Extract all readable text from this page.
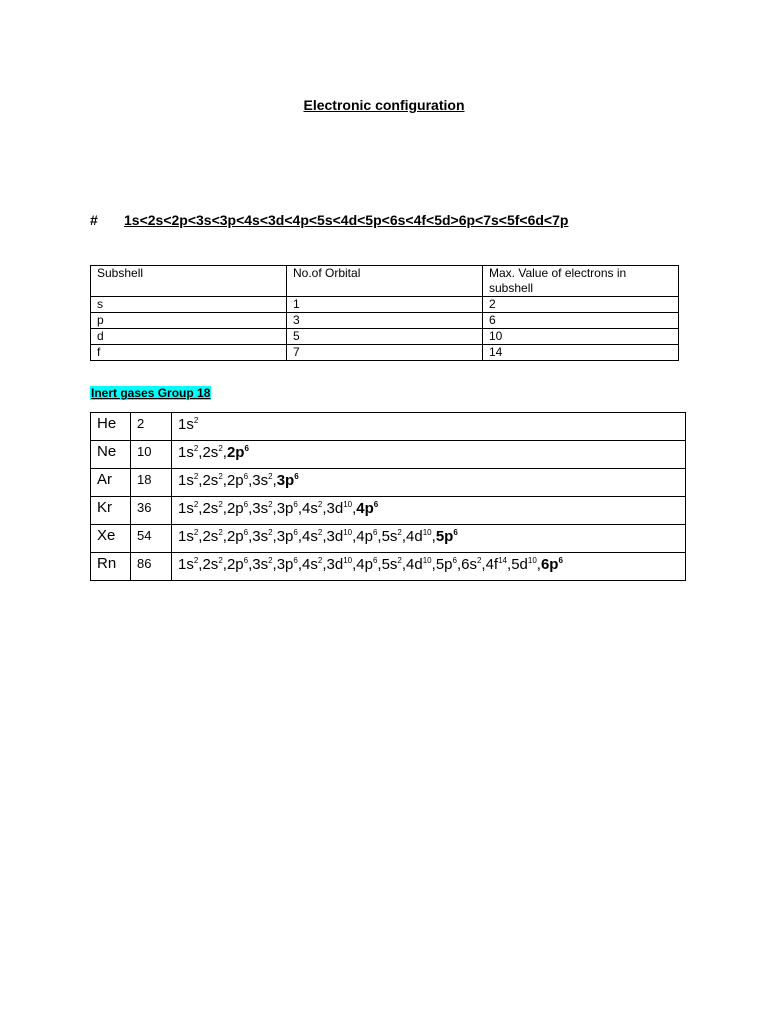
Electronic configuration
# 1s<2s<2p<3s<3p<4s<3d<4p<5s<4d<5p<6s<4f<5d>6p<7s<5f<6d<7p
Subshell	No.of Orbital	Max. Value of electrons in subshell
s	1	2
p	3	6
d	5	10
f	7	14
Inert gases Group 18
He	2	$1s^2$
Ne	10	$1s^2,2s^2,2p^6$
Ar	18	$1s^2,2s^2,2p^6,3s^2,3p^6$
Kr	36	$1s^2,2s^2,2p^6,3s^2,3p^6,4s^2,3d^{10},4p^6$
Xe	54	$1s^2,2s^2,2p^6,3s^2,3p^6,4s^2,3d^{10},4p^6,5s^2,4d^{10},5p^6$
Rn	86	$1s^2,2s^2,2p^6,3s^2,3p^6,4s^2,3d^{10},4p^6,5s^2,4d^{10},5p^6,6s^2,4f^{14},5d^{10},6p^6$
